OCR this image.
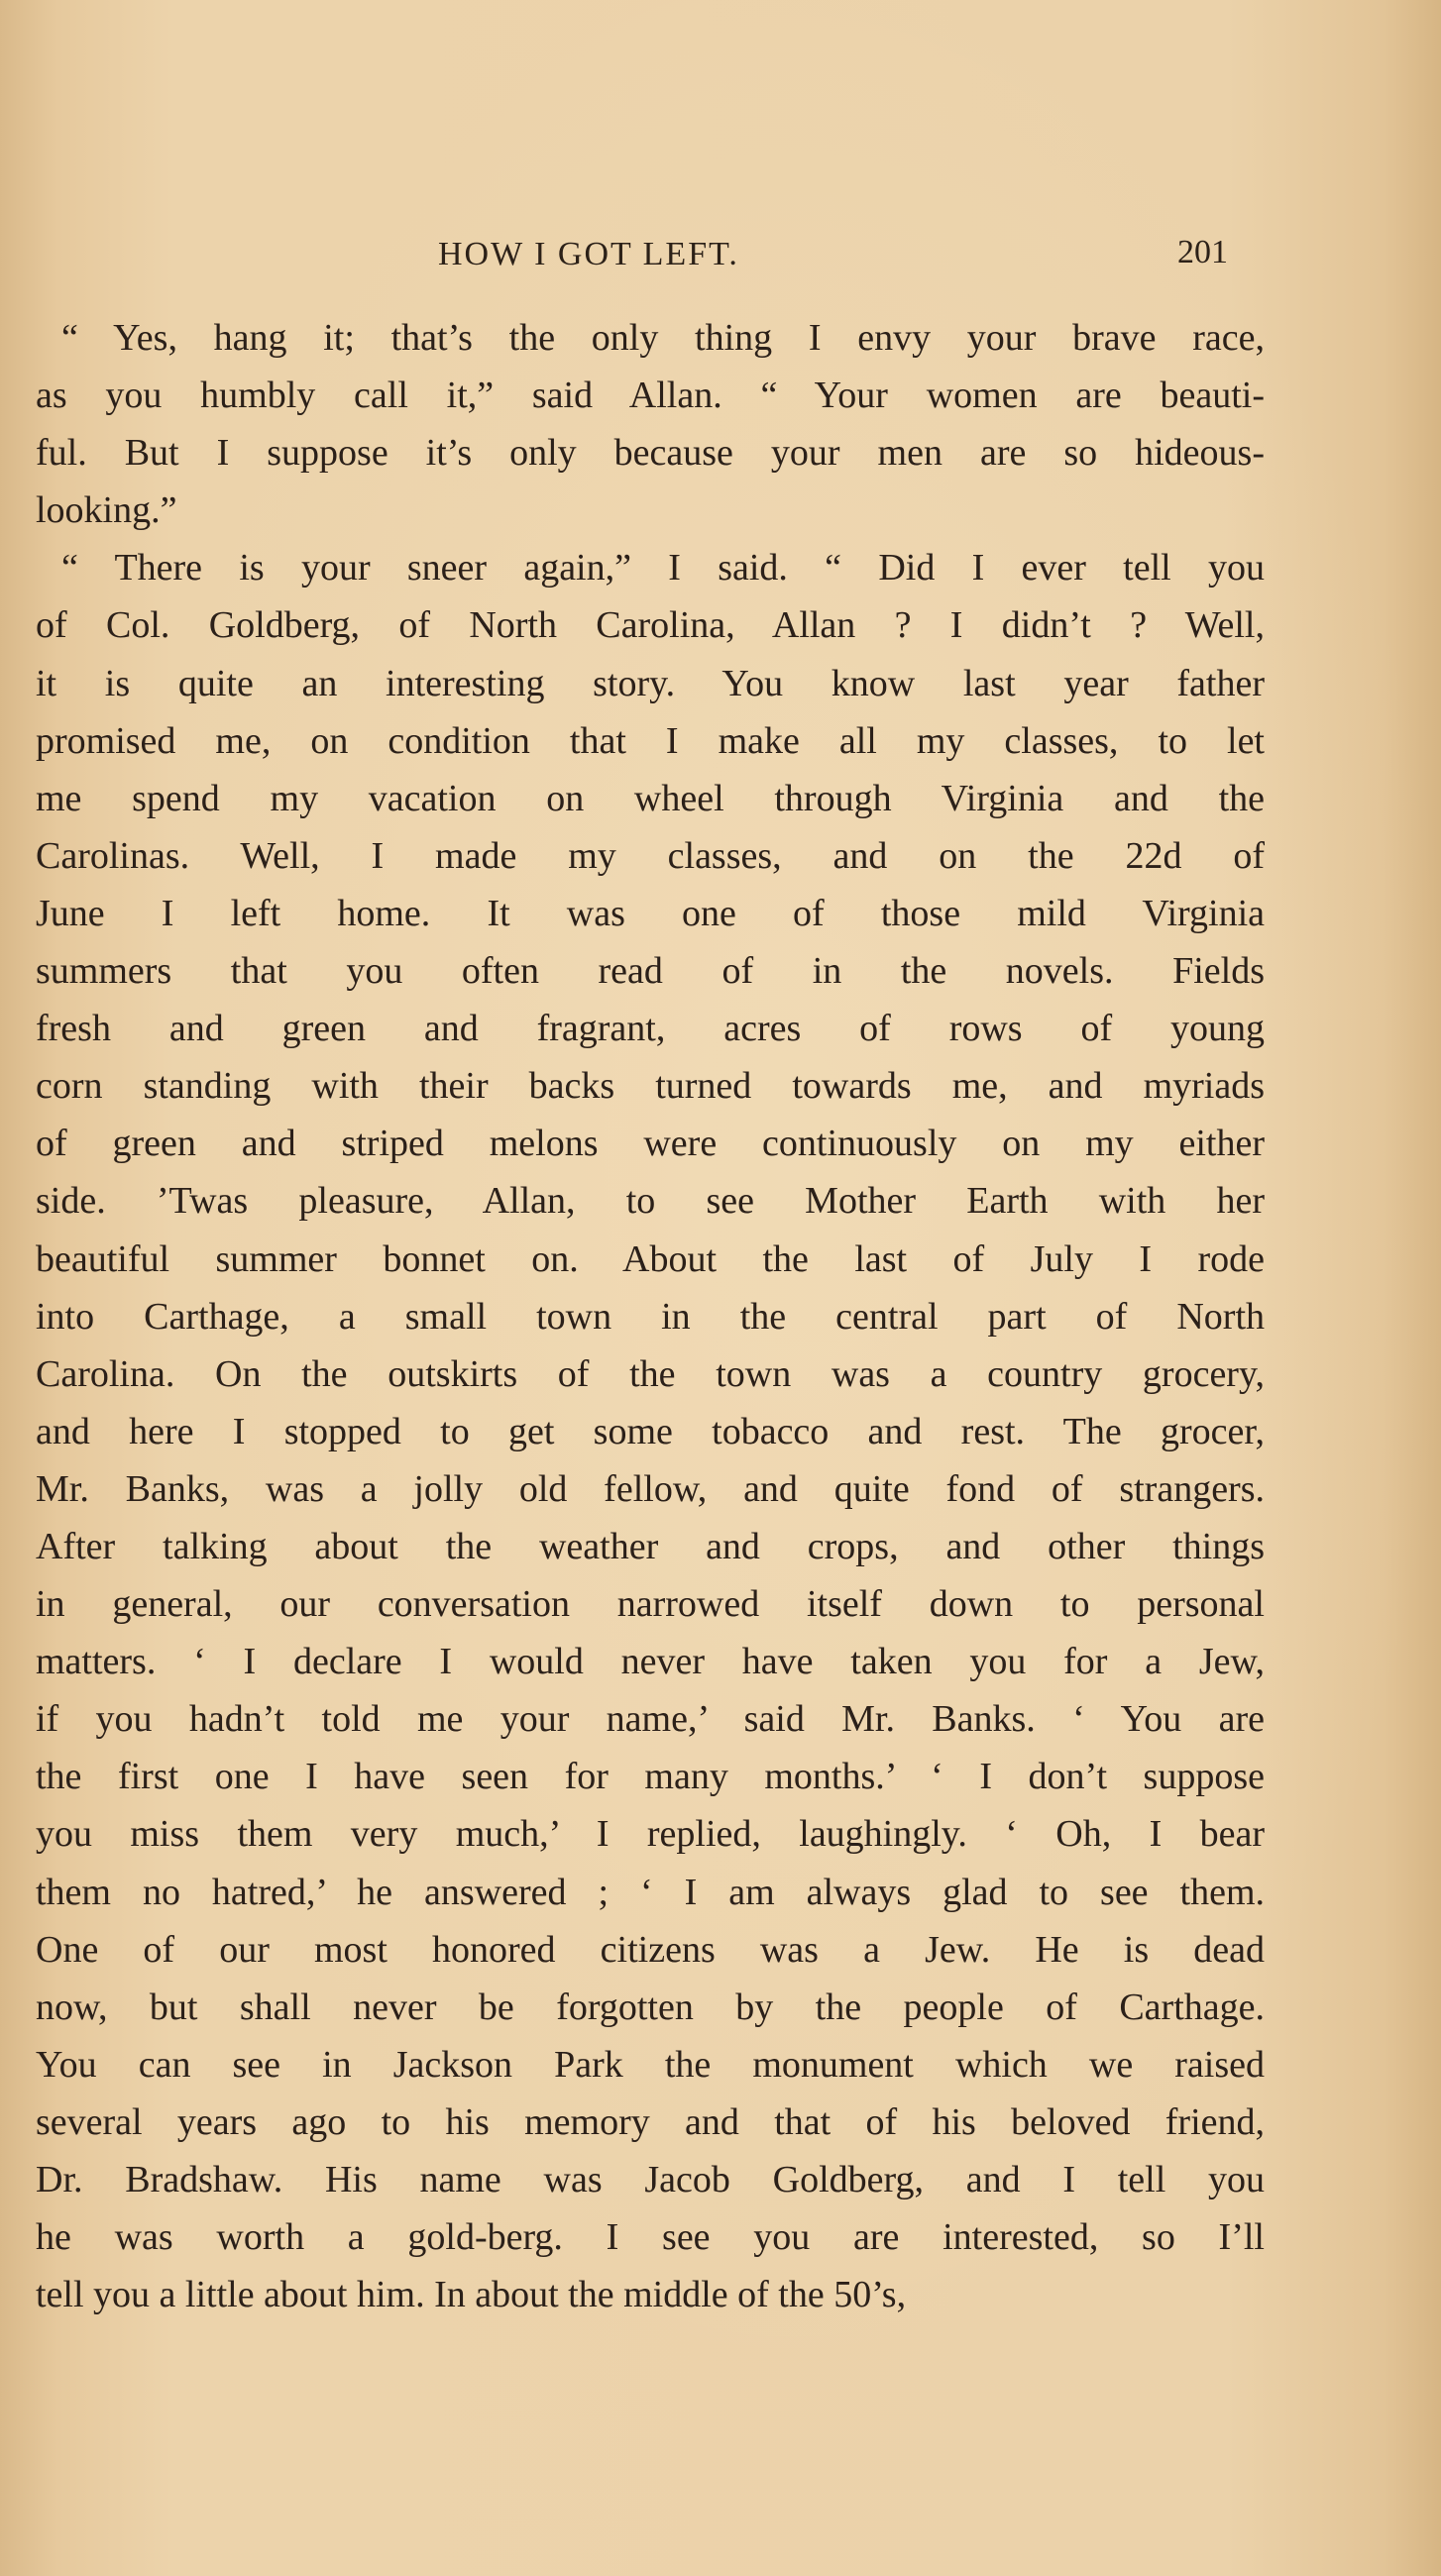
HOW I GOT LEFT.	201
“ Yes, hang it; that’s the only thing I envy your brave race,
as you humbly call it,” said Allan. “ Your women are beauti-
ful. But I suppose it’s only because your men are so hideous-
looking.”
“ There is your sneer again,” I said. “ Did I ever tell you
of Col. Goldberg, of North Carolina, Allan ? I didn’t ? Well,
it is quite an interesting story. You know last year father
promised me, on condition that I make all my classes, to let
me spend my vacation on wheel through Virginia and the
Carolinas. Well, I made my classes, and on the 22d of
June I left home. It was one of those mild Virginia
summers that you often read of in the novels. Fields
fresh and green and fragrant, acres of rows of young
corn standing with their backs turned towards me, and myriads
of green and striped melons were continuously on my either
side. ’Twas pleasure, Allan, to see Mother Earth with her
beautiful summer bonnet on. About the last of July I rode
into Carthage, a small town in the central part of North
Carolina. On the outskirts of the town was a country grocery,
and here I stopped to get some tobacco and rest. The grocer,
Mr. Banks, was a jolly old fellow, and quite fond of strangers.
After talking about the weather and crops, and other things
in general, our conversation narrowed itself down to personal
matters. ‘ I declare I would never have taken you for a Jew,
if you hadn’t told me your name,’ said Mr. Banks. ‘ You are
the first one I have seen for many months.’ ‘ I don’t suppose
you miss them very much,’ I replied, laughingly. ‘ Oh, I bear
them no hatred,’ he answered ; ‘ I am always glad to see them.
One of our most honored citizens was a Jew. He is dead
now, but shall never be forgotten by the people of Carthage.
You can see in Jackson Park the monument which we raised
several years ago to his memory and that of his beloved friend,
Dr. Bradshaw. His name was Jacob Goldberg, and I tell you
he was worth a gold-berg. I see you are interested, so I’ll
tell you a little about him. In about the middle of the 50’s,
